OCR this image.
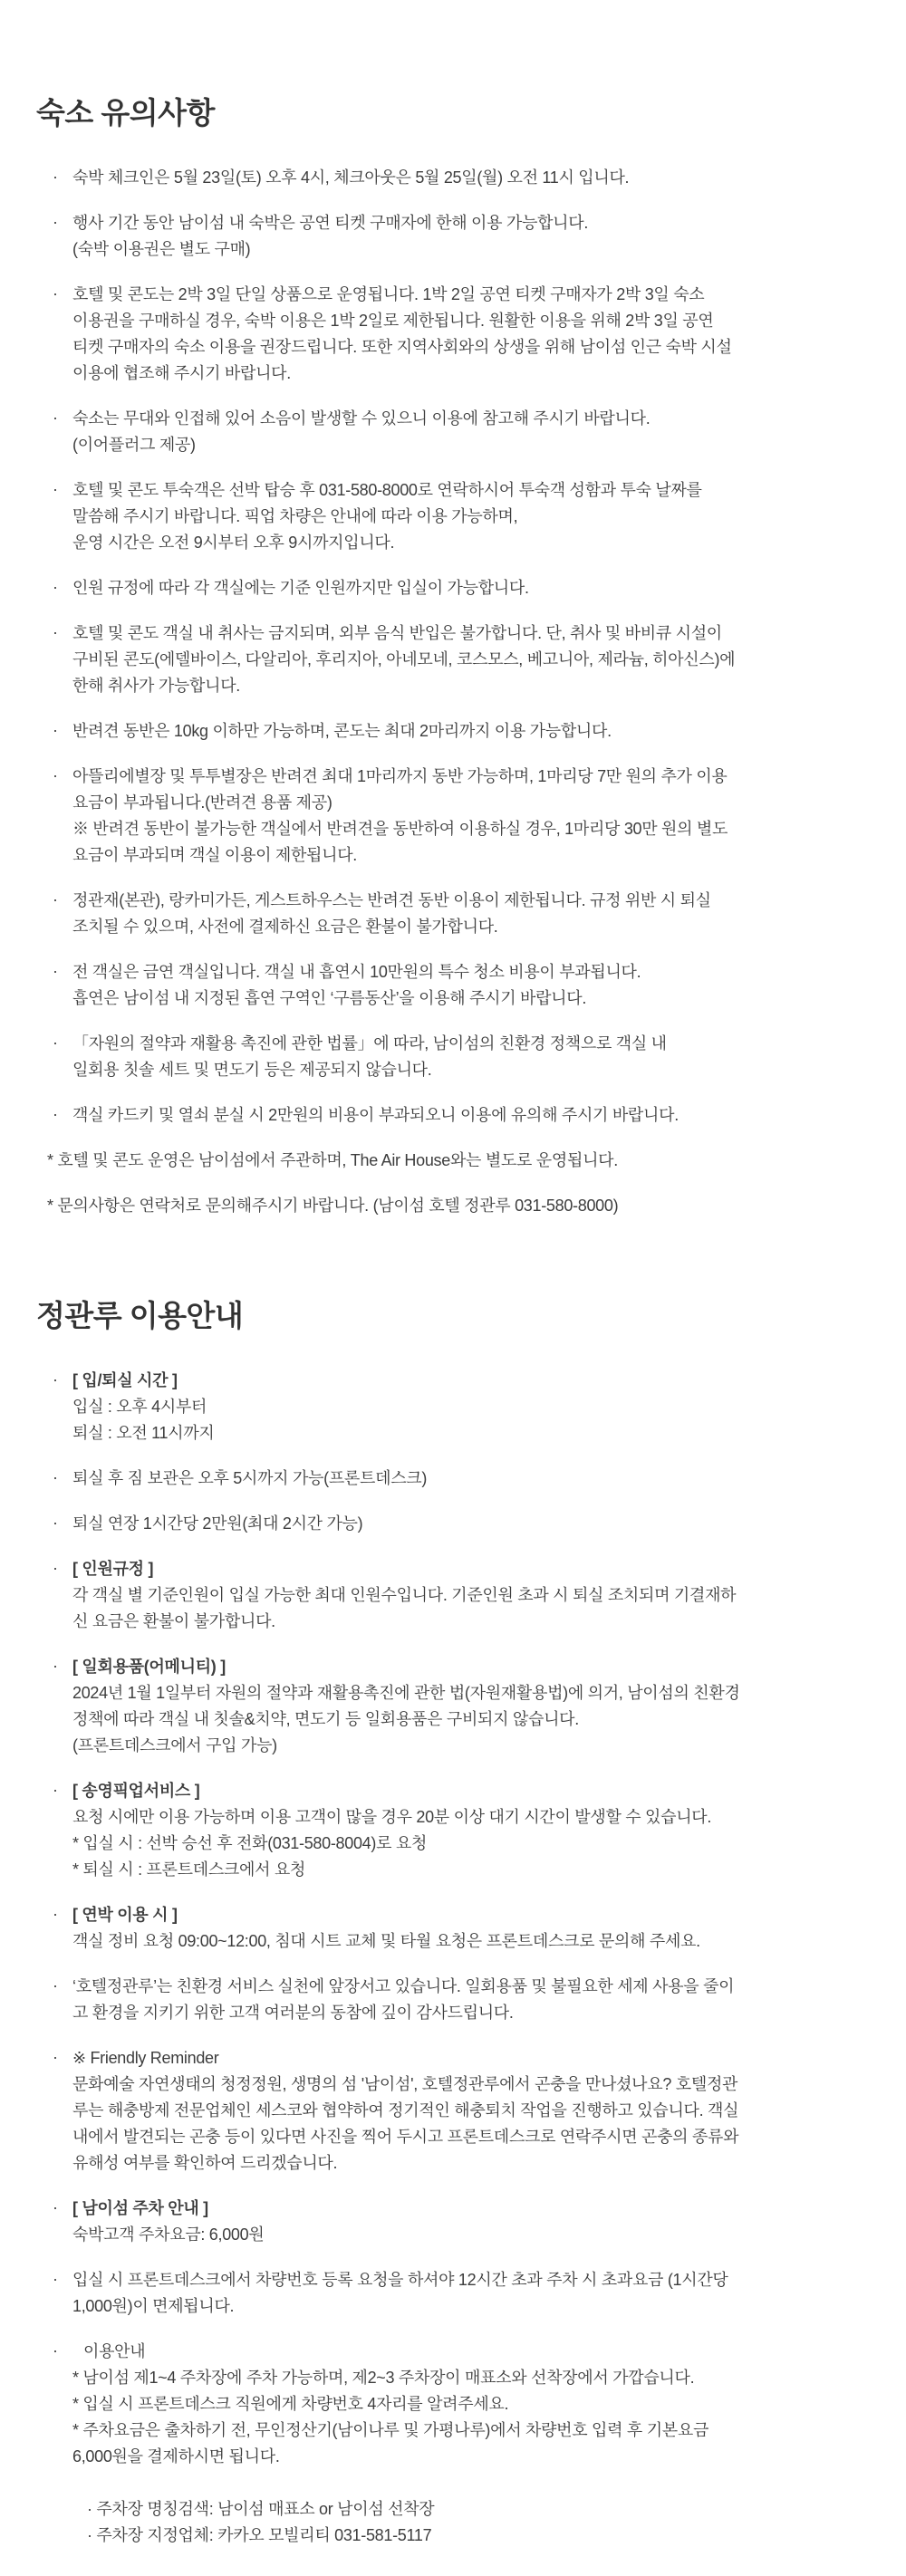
숙소 유의사항
· 숙박 체크인은 5월 23일(토) 오후 4시, 체크아웃은 5월 25일(월) 오전 11시 입니다.
· 행사 기간 동안 남이섬 내 숙박은 공연 티켓 구매자에 한해 이용 가능합니다.
(숙박 이용권은 별도 구매)
· 호텔 및 콘도는 2박 3일 단일 상품으로 운영됩니다. 1박 2일 공연 티켓 구매자가 2박 3일 숙소
이용권을 구매하실 경우, 숙박 이용은 1박 2일로 제한됩니다. 원활한 이용을 위해 2박 3일 공연
티켓 구매자의 숙소 이용을 권장드립니다. 또한 지역사회와의 상생을 위해 남이섬 인근 숙박 시설
이용에 협조해 주시기 바랍니다.
· 숙소는 무대와 인접해 있어 소음이 발생할 수 있으니 이용에 참고해 주시기 바랍니다.
(이어플러그 제공)
· 호텔 및 콘도 투숙객은 선박 탑승 후 031-580-8000로 연락하시어 투숙객 성함과 투숙 날짜를
말씀해 주시기 바랍니다. 픽업 차량은 안내에 따라 이용 가능하며,
운영 시간은 오전 9시부터 오후 9시까지입니다.
· 인원 규정에 따라 각 객실에는 기준 인원까지만 입실이 가능합니다.
· 호텔 및 콘도 객실 내 취사는 금지되며, 외부 음식 반입은 불가합니다. 단, 취사 및 바비큐 시설이
구비된 콘도(에델바이스, 다알리아, 후리지아, 아네모네, 코스모스, 베고니아, 제라늄, 히아신스)에
한해 취사가 가능합니다.
· 반려견 동반은 10kg 이하만 가능하며, 콘도는 최대 2마리까지 이용 가능합니다.
· 아뜰리에별장 및 투투별장은 반려견 최대 1마리까지 동반 가능하며, 1마리당 7만 원의 추가 이용
요금이 부과됩니다.(반려견 용품 제공)
※ 반려견 동반이 불가능한 객실에서 반려견을 동반하여 이용하실 경우, 1마리당 30만 원의 별도
요금이 부과되며 객실 이용이 제한됩니다.
· 정관재(본관), 랑카미가든, 게스트하우스는 반려견 동반 이용이 제한됩니다. 규정 위반 시 퇴실
조치될 수 있으며, 사전에 결제하신 요금은 환불이 불가합니다.
· 전 객실은 금연 객실입니다. 객실 내 흡연시 10만원의 특수 청소 비용이 부과됩니다.
흡연은 남이섬 내 지정된 흡연 구역인 ‘구름동산’을 이용해 주시기 바랍니다.
· 「자원의 절약과 재활용 촉진에 관한 법률」에 따라, 남이섬의 친환경 정책으로 객실 내
일회용 칫솔 세트 및 면도기 등은 제공되지 않습니다.
· 객실 카드키 및 열쇠 분실 시 2만원의 비용이 부과되오니 이용에 유의해 주시기 바랍니다.
* 호텔 및 콘도 운영은 남이섬에서 주관하며, The Air House와는 별도로 운영됩니다.
* 문의사항은 연락처로 문의해주시기 바랍니다. (남이섬 호텔 정관루 031-580-8000)
정관루 이용안내
· [ 입/퇴실 시간 ]
입실 : 오후 4시부터
퇴실 : 오전 11시까지
· 퇴실 후 짐 보관은 오후 5시까지 가능(프론트데스크)
· 퇴실 연장 1시간당 2만원(최대 2시간 가능)
· [ 인원규정 ]
각 객실 별 기준인원이 입실 가능한 최대 인원수입니다. 기준인원 초과 시 퇴실 조치되며 기결재하
신 요금은 환불이 불가합니다.
· [ 일회용품(어메니티) ]
2024년 1월 1일부터 자원의 절약과 재활용촉진에 관한 법(자원재활용법)에 의거, 남이섬의 친환경
정책에 따라 객실 내 칫솔&치약, 면도기 등 일회용품은 구비되지 않습니다.
(프론트데스크에서 구입 가능)
· [ 송영픽업서비스 ]
요청 시에만 이용 가능하며 이용 고객이 많을 경우 20분 이상 대기 시간이 발생할 수 있습니다.
* 입실 시 : 선박 승선 후 전화(031-580-8004)로 요청
* 퇴실 시 : 프론트데스크에서 요청
· [ 연박 이용 시 ]
객실 정비 요청 09:00~12:00, 침대 시트 교체 및 타월 요청은 프론트데스크로 문의해 주세요.
· ‘호텔정관루’는 친환경 서비스 실천에 앞장서고 있습니다. 일회용품 및 불필요한 세제 사용을 줄이
고 환경을 지키기 위한 고객 여러분의 동참에 깊이 감사드립니다.
· ※ Friendly Reminder
문화예술 자연생태의 청정정원, 생명의 섬 '남이섬', 호텔정관루에서 곤충을 만나셨나요? 호텔정관
루는 해충방제 전문업체인 세스코와 협약하여 정기적인 해충퇴치 작업을 진행하고 있습니다. 객실
내에서 발견되는 곤충 등이 있다면 사진을 찍어 두시고 프론트데스크로 연락주시면 곤충의 종류와
유해성 여부를 확인하여 드리겠습니다.
· [ 남이섬 주차 안내 ]
숙박고객 주차요금: 6,000원
· 입실 시 프론트데스크에서 차량번호 등록 요청을 하셔야 12시간 초과 주차 시 초과요금 (1시간당
1,000원)이 면제됩니다.
·	이용안내
* 남이섬 제1~4 주차장에 주차 가능하며, 제2~3 주차장이 매표소와 선착장에서 가깝습니다.
* 입실 시 프론트데스크 직원에게 차량번호 4자리를 알려주세요.
* 주차요금은 출차하기 전, 무인정산기(남이나루 및 가평나루)에서 차량번호 입력 후 기본요금
6,000원을 결제하시면 됩니다.
· 주차장 명칭검색: 남이섬 매표소 or 남이섬 선착장
· 주차장 지정업체: 카카오 모빌리티 031-581-5117
